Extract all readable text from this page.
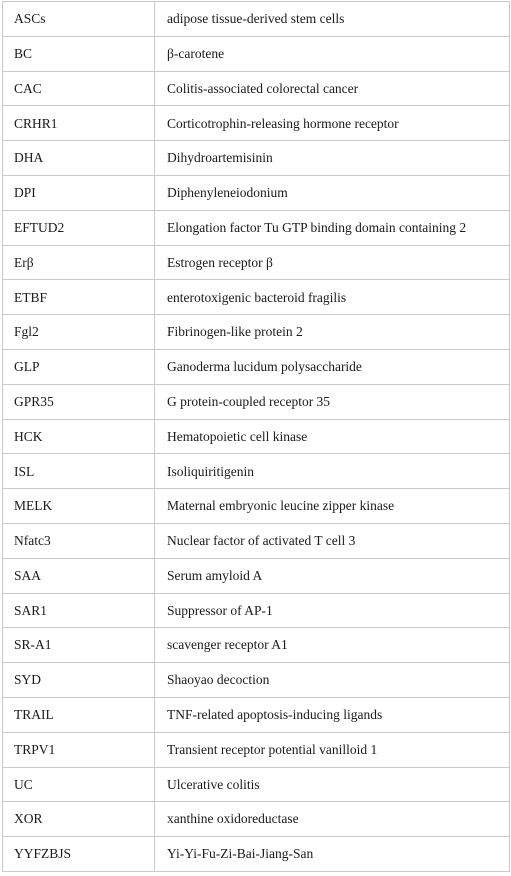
ASCs	adipose tissue-derived stem cells
BC	β-carotene
CAC	Colitis-associated colorectal cancer
CRHR1	Corticotrophin-releasing hormone receptor
DHA	Dihydroartemisinin
DPI	Diphenyleneiodonium
EFTUD2	Elongation factor Tu GTP binding domain containing 2
Erβ	Estrogen receptor β
ETBF	enterotoxigenic bacteroid fragilis
Fgl2	Fibrinogen-like protein 2
GLP	Ganoderma lucidum polysaccharide
GPR35	G protein-coupled receptor 35
HCK	Hematopoietic cell kinase
ISL	Isoliquiritigenin
MELK	Maternal embryonic leucine zipper kinase
Nfatc3	Nuclear factor of activated T cell 3
SAA	Serum amyloid A
SAR1	Suppressor of AP-1
SR-A1	scavenger receptor A1
SYD	Shaoyao decoction
TRAIL	TNF-related apoptosis-inducing ligands
TRPV1	Transient receptor potential vanilloid 1
UC	Ulcerative colitis
XOR	xanthine oxidoreductase
YYFZBJS	Yi-Yi-Fu-Zi-Bai-Jiang-San
